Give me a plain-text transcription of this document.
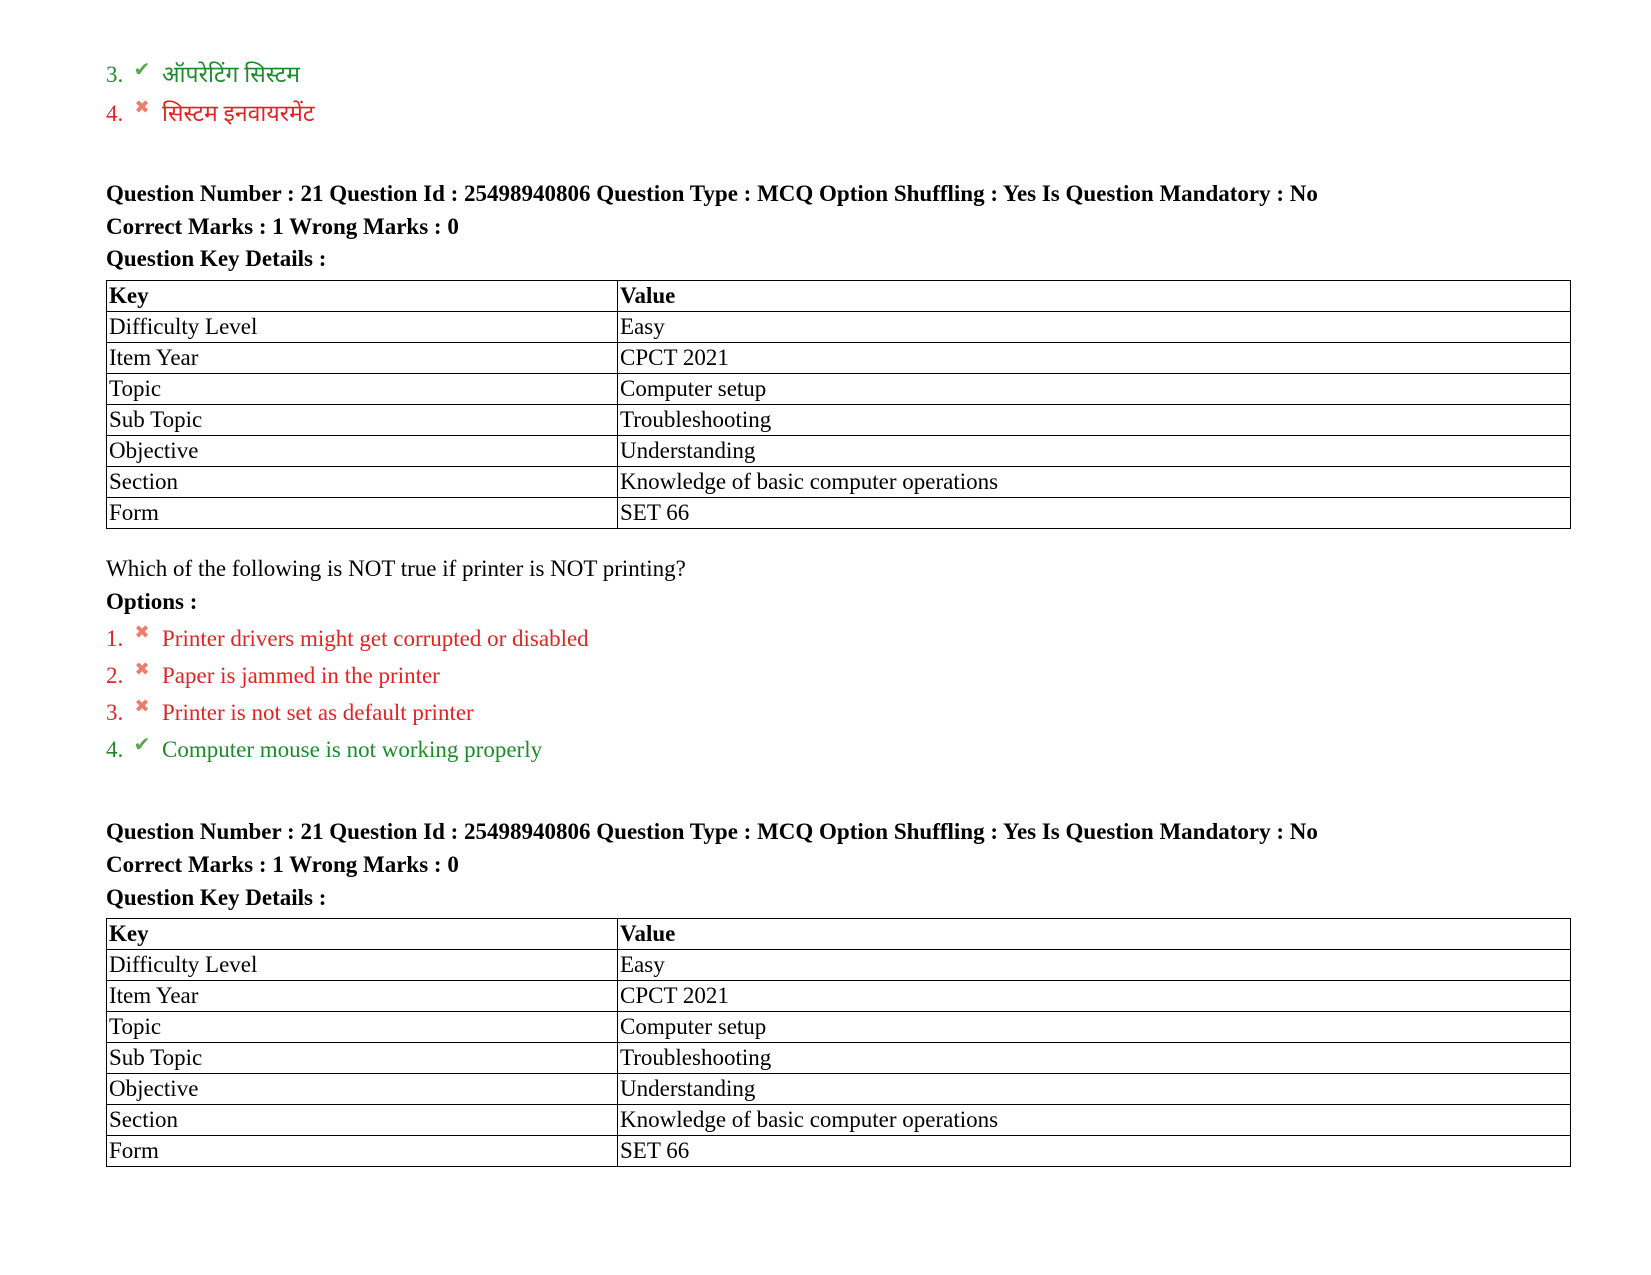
3. ✔ ऑपरेटिंग सिस्टम
4. ✖ सिस्टम इनवायरमेंट
Question Number : 21 Question Id : 25498940806 Question Type : MCQ Option Shuffling : Yes Is Question Mandatory : No
Correct Marks : 1 Wrong Marks : 0
Question Key Details :
Key	Value
Difficulty Level	Easy
Item Year	CPCT 2021
Topic	Computer setup
Sub Topic	Troubleshooting
Objective	Understanding
Section	Knowledge of basic computer operations
Form	SET 66
Which of the following is NOT true if printer is NOT printing?
Options :
1. ✖ Printer drivers might get corrupted or disabled
2. ✖ Paper is jammed in the printer
3. ✖ Printer is not set as default printer
4. ✔ Computer mouse is not working properly
Question Number : 21 Question Id : 25498940806 Question Type : MCQ Option Shuffling : Yes Is Question Mandatory : No
Correct Marks : 1 Wrong Marks : 0
Question Key Details :
Key	Value
Difficulty Level	Easy
Item Year	CPCT 2021
Topic	Computer setup
Sub Topic	Troubleshooting
Objective	Understanding
Section	Knowledge of basic computer operations
Form	SET 66
